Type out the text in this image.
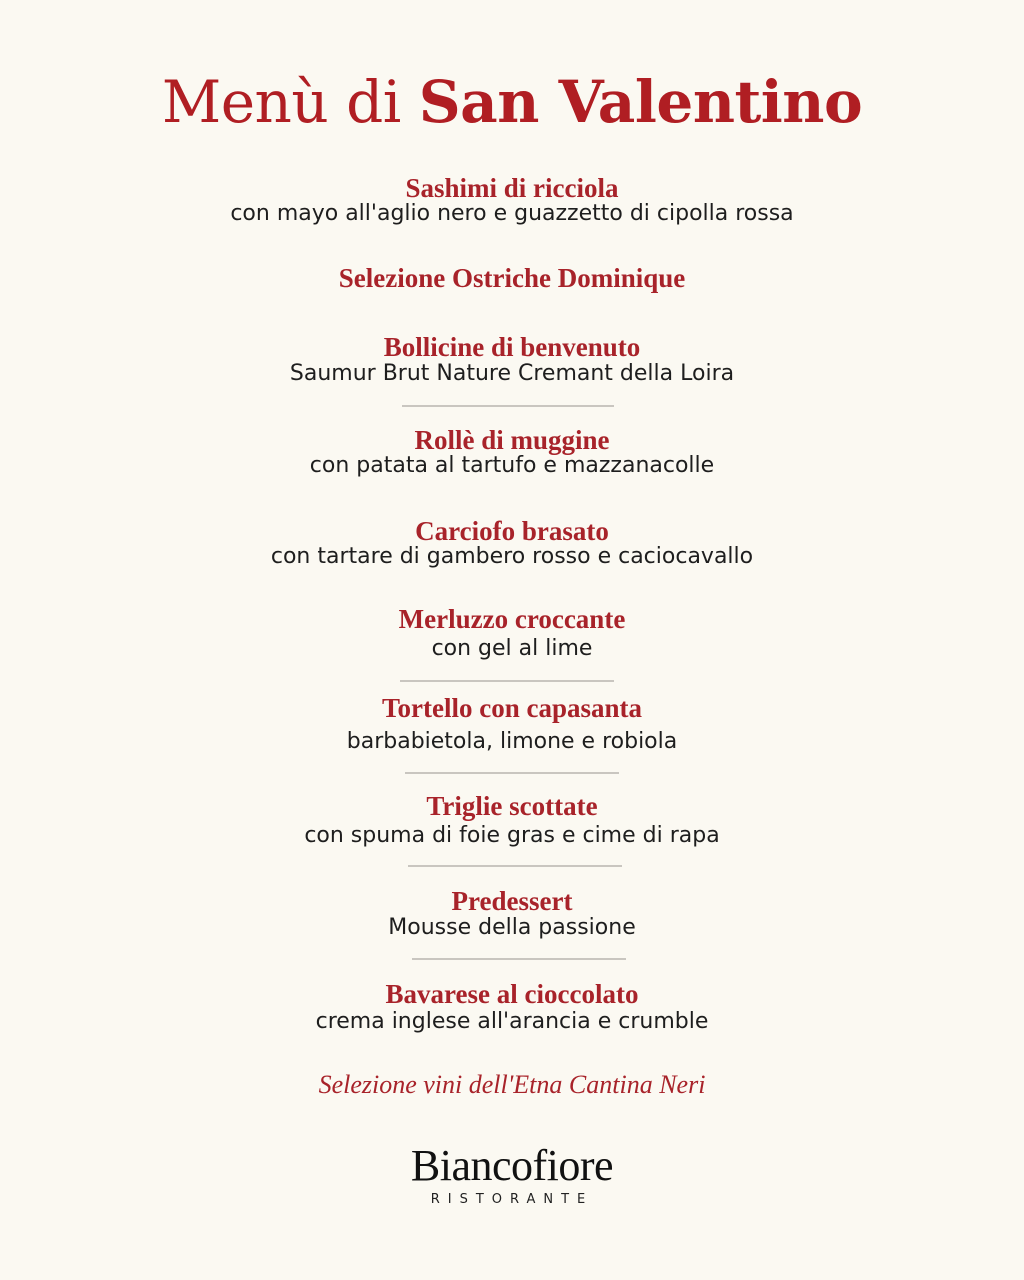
Menù di San Valentino
Sashimi di ricciola
con mayo all'aglio nero e guazzetto di cipolla rossa
Selezione Ostriche Dominique
Bollicine di benvenuto
Saumur Brut Nature Cremant della Loira
Rollè di muggine
con patata al tartufo e mazzanacolle
Carciofo brasato
con tartare di gambero rosso e caciocavallo
Merluzzo croccante
con gel al lime
Tortello con capasanta
barbabietola, limone e robiola
Triglie scottate
con spuma di foie gras e cime di rapa
Predessert
Mousse della passione
Bavarese al cioccolato
crema inglese all'arancia e crumble
Selezione vini dell'Etna Cantina Neri
Biancofiore
RISTORANTE
